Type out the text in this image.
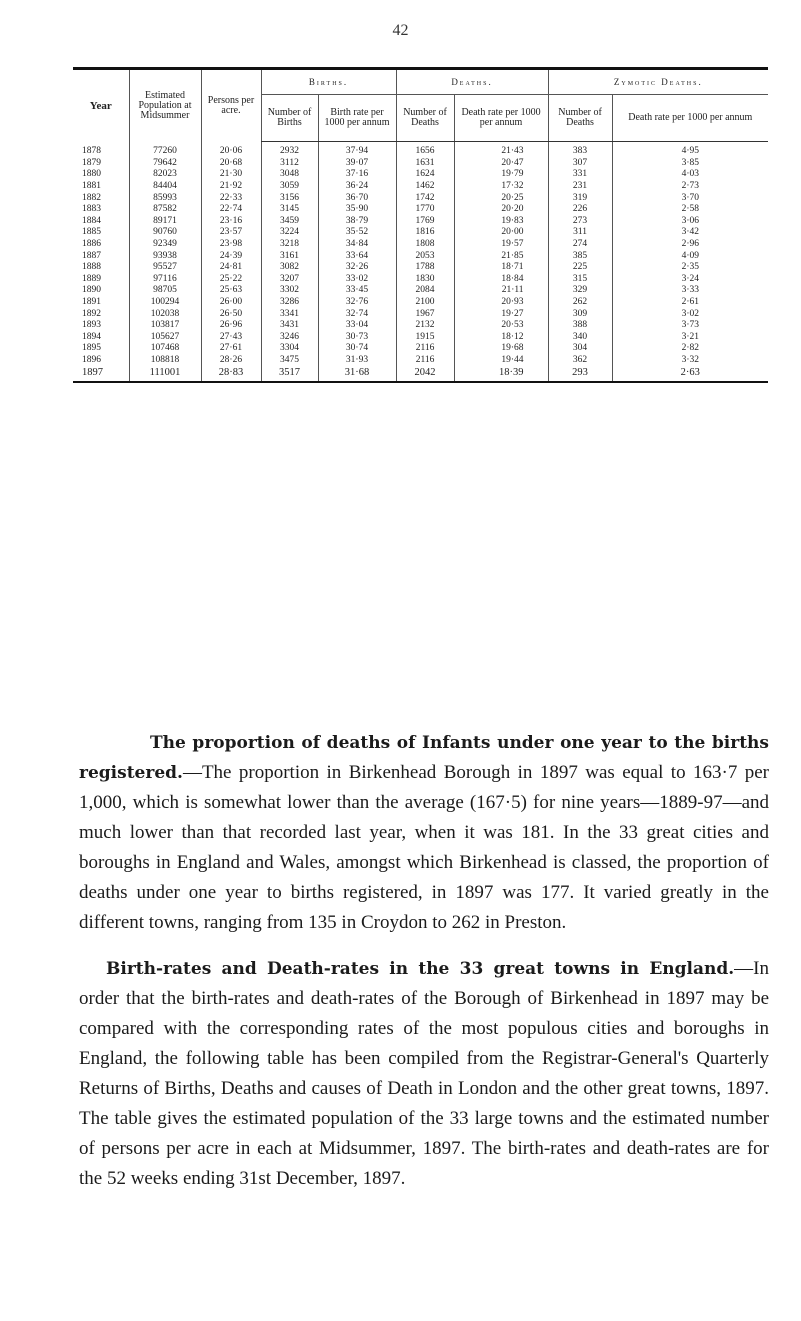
42
Year	Estimated Population at Midsummer	Persons per acre.	Births.		Deaths.		Zymotic Deaths.	
			Number of Births	Birth rate per 1000 per annum	Number of Deaths	Death rate per 1000 per annum	Number of Deaths	Death rate per 1000 per annum
1878	77260	20·06	2932	37·94	1656	21·43	383	4·95
1879	79642	20·68	3112	39·07	1631	20·47	307	3·85
1880	82023	21·30	3048	37·16	1624	19·79	331	4·03
1881	84404	21·92	3059	36·24	1462	17·32	231	2·73
1882	85993	22·33	3156	36·70	1742	20·25	319	3·70
1883	87582	22·74	3145	35·90	1770	20·20	226	2·58
1884	89171	23·16	3459	38·79	1769	19·83	273	3·06
1885	90760	23·57	3224	35·52	1816	20·00	311	3·42
1886	92349	23·98	3218	34·84	1808	19·57	274	2·96
1887	93938	24·39	3161	33·64	2053	21·85	385	4·09
1888	95527	24·81	3082	32·26	1788	18·71	225	2·35
1889	97116	25·22	3207	33·02	1830	18·84	315	3·24
1890	98705	25·63	3302	33·45	2084	21·11	329	3·33
1891	100294	26·00	3286	32·76	2100	20·93	262	2·61
1892	102038	26·50	3341	32·74	1967	19·27	309	3·02
1893	103817	26·96	3431	33·04	2132	20·53	388	3·73
1894	105627	27·43	3246	30·73	1915	18·12	340	3·21
1895	107468	27·61	3304	30·74	2116	19·68	304	2·82
1896	108818	28·26	3475	31·93	2116	19·44	362	3·32
1897	111001	28·83	3517	31·68	2042	18·39	293	2·63

The proportion of deaths of Infants under one year to the births registered.—The proportion in Birkenhead Borough in 1897 was equal to 163·7 per 1,000, which is somewhat lower than the average (167·5) for nine years—1889-97—and much lower than that recorded last year, when it was 181. In the 33 great cities and boroughs in England and Wales, amongst which Birkenhead is classed, the proportion of deaths under one year to births registered, in 1897 was 177. It varied greatly in the different towns, ranging from 135 in Croydon to 262 in Preston.

Birth-rates and Death-rates in the 33 great towns in England.—In order that the birth-rates and death-rates of the Borough of Birkenhead in 1897 may be compared with the corresponding rates of the most populous cities and boroughs in England, the following table has been compiled from the Registrar-General's Quarterly Returns of Births, Deaths and causes of Death in London and the other great towns, 1897. The table gives the estimated population of the 33 large towns and the estimated number of persons per acre in each at Midsummer, 1897. The birth-rates and death-rates are for the 52 weeks ending 31st December, 1897.
